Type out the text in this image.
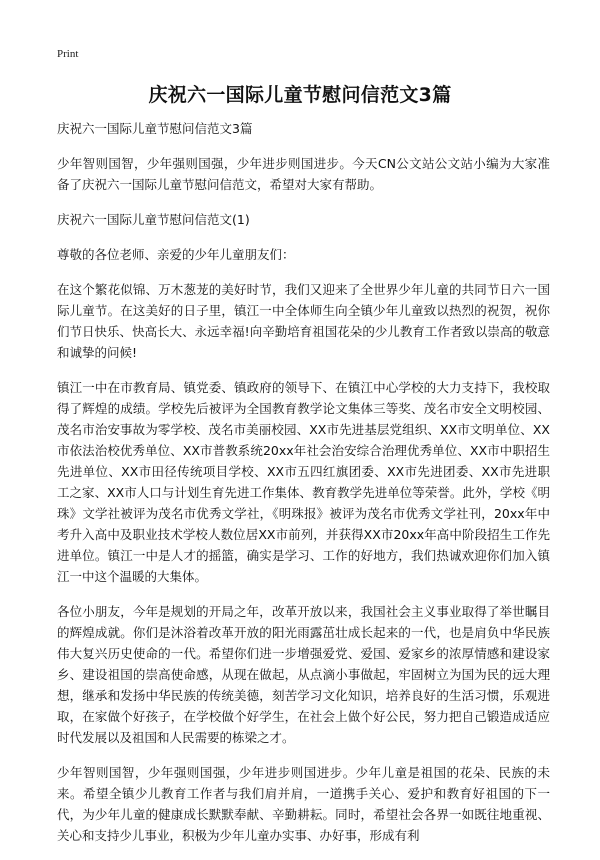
Print
庆祝六一国际儿童节慰问信范文3篇

庆祝六一国际儿童节慰问信范文3篇

少年智则国智，少年强则国强，少年进步则国进步。今天CN公文站公文站小编为大家准备了庆祝六一国际儿童节慰问信范文，希望对大家有帮助。

庆祝六一国际儿童节慰问信范文(1)

尊敬的各位老师、亲爱的少年儿童朋友们：

在这个繁花似锦、万木葱茏的美好时节，我们又迎来了全世界少年儿童的共同节日六一国际儿童节。在这美好的日子里，镇江一中全体师生向全镇少年儿童致以热烈的祝贺，祝你们节日快乐、快高长大、永远幸福!向辛勤培育祖国花朵的少儿教育工作者致以崇高的敬意和诚挚的问候!

镇江一中在市教育局、镇党委、镇政府的领导下、在镇江中心学校的大力支持下，我校取得了辉煌的成绩。学校先后被评为全国教育教学论文集体三等奖、茂名市安全文明校园、茂名市治安事故为零学校、茂名市美丽校园、XX市先进基层党组织、XX市文明单位、XX市依法治校优秀单位、XX市普教系统20xx年社会治安综合治理优秀单位、XX市中职招生先进单位、XX市田径传统项目学校、XX市五四红旗团委、XX市先进团委、XX市先进职工之家、XX市人口与计划生育先进工作集体、教育教学先进单位等荣誉。此外，学校《明珠》文学社被评为茂名市优秀文学社，《明珠报》被评为茂名市优秀文学社刊，20xx年中考升入高中及职业技术学校人数位居XX市前列，并获得XX市20xx年高中阶段招生工作先进单位。镇江一中是人才的摇篮，确实是学习、工作的好地方，我们热诚欢迎你们加入镇江一中这个温暖的大集体。

各位小朋友，今年是规划的开局之年，改革开放以来，我国社会主义事业取得了举世瞩目的辉煌成就。你们是沐浴着改革开放的阳光雨露茁壮成长起来的一代，也是肩负中华民族伟大复兴历史使命的一代。希望你们进一步增强爱党、爱国、爱家乡的浓厚情感和建设家乡、建设祖国的崇高使命感，从现在做起，从点滴小事做起，牢固树立为国为民的远大理想，继承和发扬中华民族的传统美德，刻苦学习文化知识，培养良好的生活习惯，乐观进取，在家做个好孩子，在学校做个好学生，在社会上做个好公民，努力把自己锻造成适应时代发展以及祖国和人民需要的栋梁之才。

少年智则国智，少年强则国强，少年进步则国进步。少年儿童是祖国的花朵、民族的未来。希望全镇少儿教育工作者与我们肩并肩，一道携手关心、爱护和教育好祖国的下一代，为少年儿童的健康成长默默奉献、辛勤耕耘。同时，希望社会各界一如既往地重视、关心和支持少儿事业，积极为少年儿童办实事、办好事，形成有利
